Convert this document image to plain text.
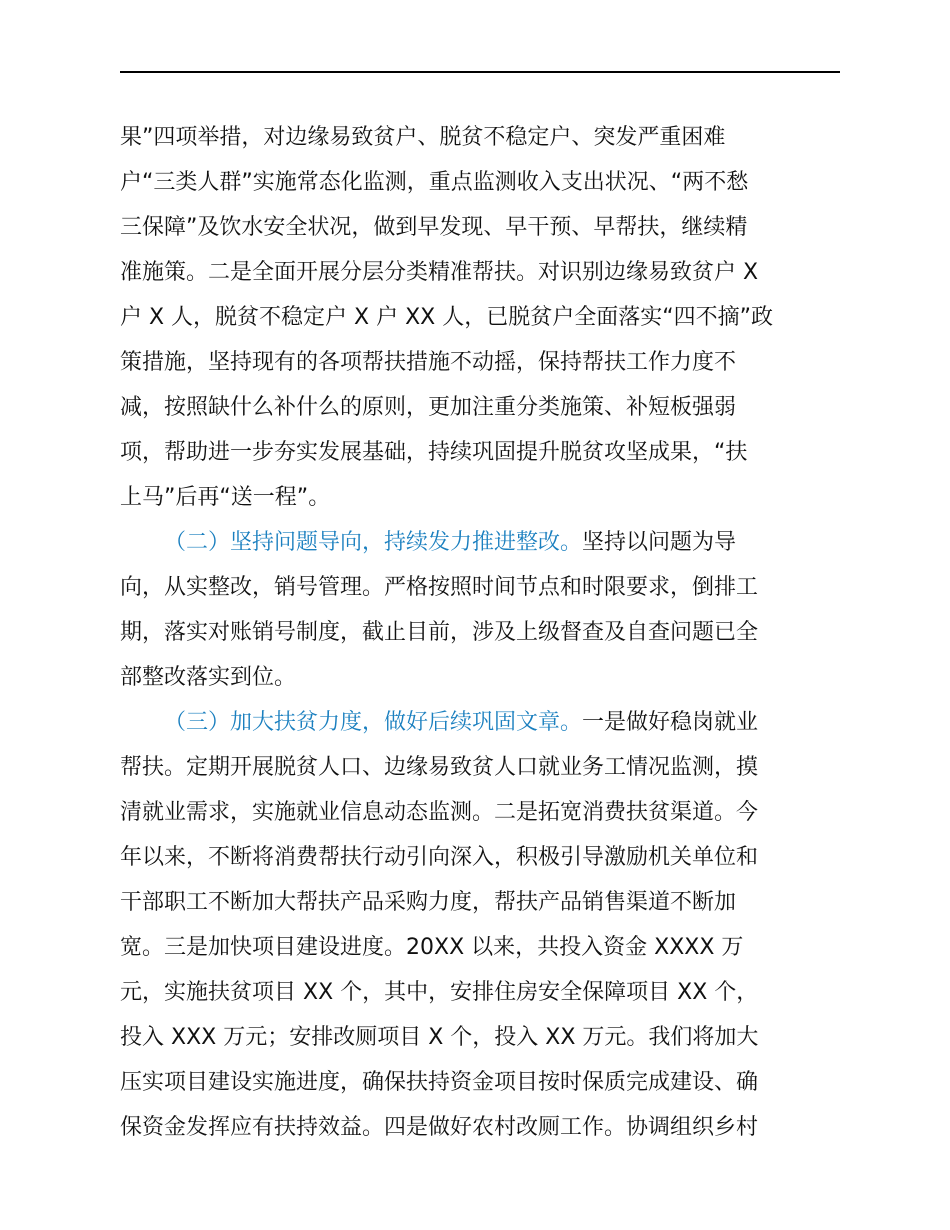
果”四项举措，对边缘易致贫户、脱贫不稳定户、突发严重困难
户“三类人群”实施常态化监测，重点监测收入支出状况、“两不愁
三保障”及饮水安全状况，做到早发现、早干预、早帮扶，继续精
准施策。二是全面开展分层分类精准帮扶。对识别边缘易致贫户 X
户 X 人，脱贫不稳定户 X 户 XX 人，已脱贫户全面落实“四不摘”政
策措施，坚持现有的各项帮扶措施不动摇，保持帮扶工作力度不
减，按照缺什么补什么的原则，更加注重分类施策、补短板强弱
项，帮助进一步夯实发展基础，持续巩固提升脱贫攻坚成果，“扶
上马”后再“送一程”。
（二）坚持问题导向，持续发力推进整改。坚持以问题为导
向，从实整改，销号管理。严格按照时间节点和时限要求，倒排工
期，落实对账销号制度，截止目前，涉及上级督查及自查问题已全
部整改落实到位。
（三）加大扶贫力度，做好后续巩固文章。一是做好稳岗就业
帮扶。定期开展脱贫人口、边缘易致贫人口就业务工情况监测，摸
清就业需求，实施就业信息动态监测。二是拓宽消费扶贫渠道。今
年以来，不断将消费帮扶行动引向深入，积极引导激励机关单位和
干部职工不断加大帮扶产品采购力度，帮扶产品销售渠道不断加
宽。三是加快项目建设进度。20XX 以来，共投入资金 XXXX 万
元，实施扶贫项目 XX 个，其中，安排住房安全保障项目 XX 个，
投入 XXX 万元；安排改厕项目 X 个，投入 XX 万元。我们将加大
压实项目建设实施进度，确保扶持资金项目按时保质完成建设、确
保资金发挥应有扶持效益。四是做好农村改厕工作。协调组织乡村
